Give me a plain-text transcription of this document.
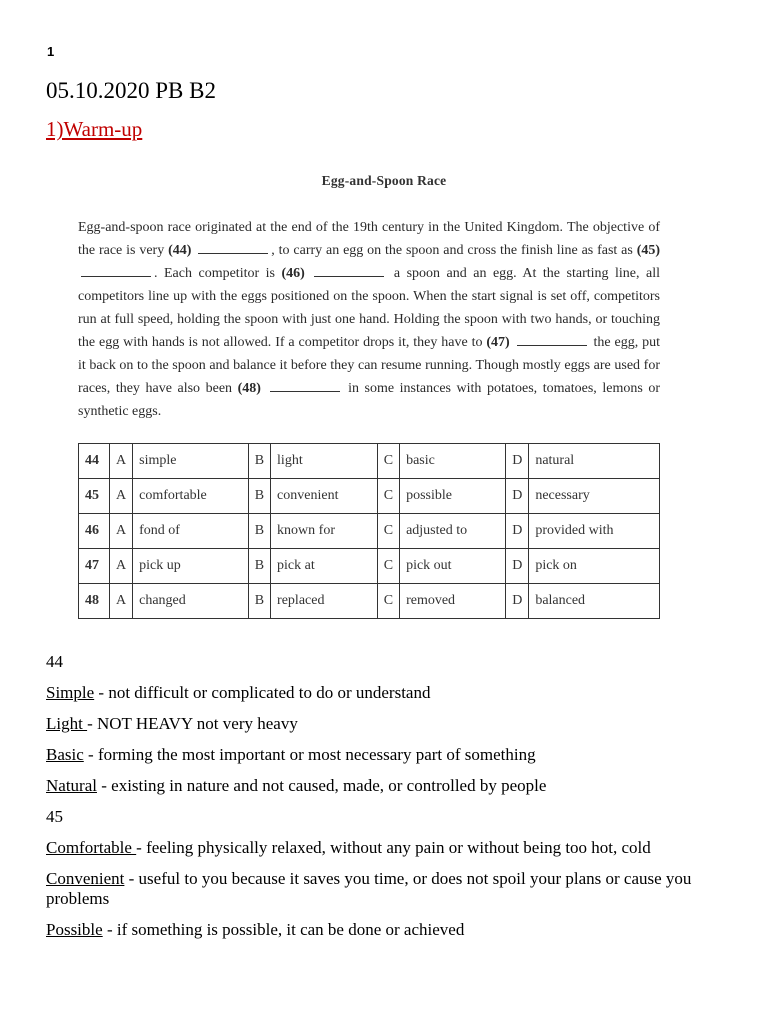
1
05.10.2020 PB B2
1)Warm-up
Egg-and-Spoon Race

Egg-and-spoon race originated at the end of the 19th century in the United Kingdom. The objective of the race is very (44)	, to carry an egg on the spoon and cross the finish line as fast as (45) . Each competitor is (46)	a spoon and an egg. At the starting line, all competitors line up with the eggs positioned on the spoon. When the start signal is set off, competitors run at full speed, holding the spoon with just one hand. Holding the spoon with two hands, or touching the egg with hands is not allowed. If a competitor drops it, they have to (47)	the egg, put it back on to the spoon and balance it before they can resume running. Though mostly eggs are used for races, they have also been (48)	in some instances with potatoes, tomatoes, lemons or synthetic eggs.

44	A	simple	B	light	C	basic	D	natural
45	A	comfortable	B	convenient	C	possible	D	necessary
46	A	fond of	B	known for	C	adjusted to	D	provided with
47	A	pick up	B	pick at	C	pick out	D	pick on
48	A	changed	B	replaced	C	removed	D	balanced

44

Simple - not difficult or complicated to do or understand

Light - NOT HEAVY not very heavy

Basic - forming the most important or most necessary part of something

Natural - existing in nature and not caused, made, or controlled by people

45

Comfortable - feeling physically relaxed, without any pain or without being too hot, cold

Convenient - useful to you because it saves you time, or does not spoil your plans or cause you problems

Possible - if something is possible, it can be done or achieved
